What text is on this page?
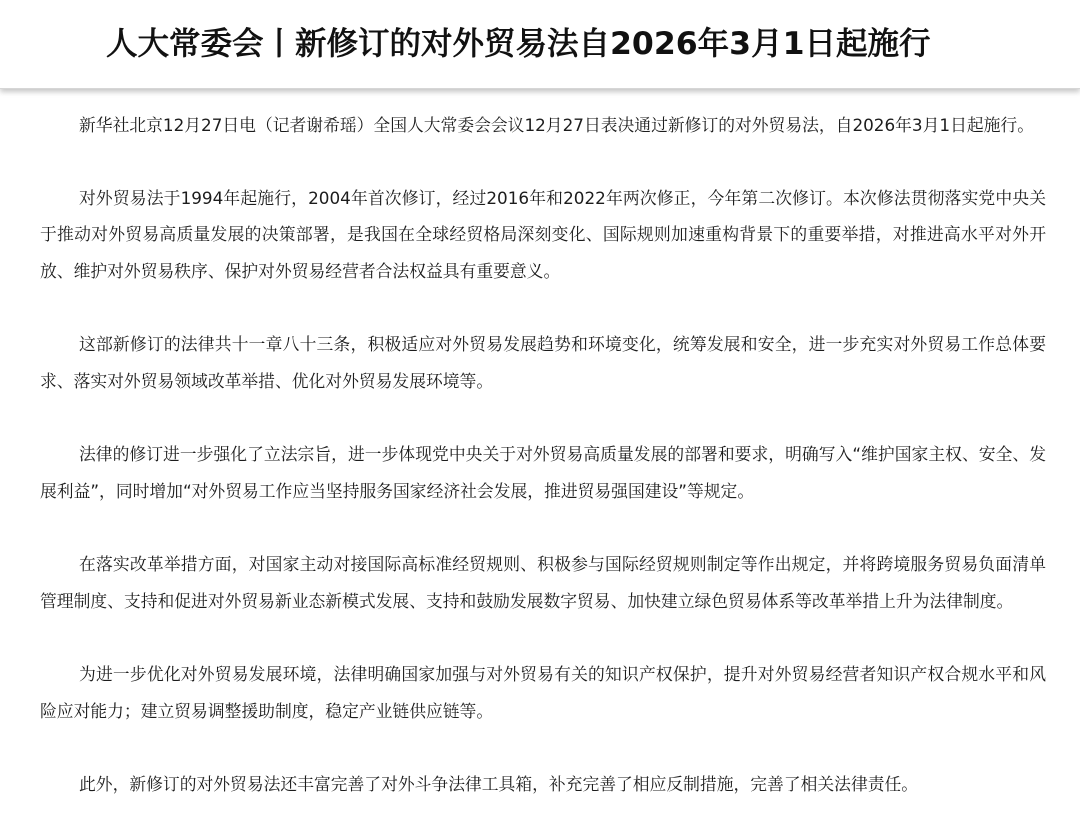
人大常委会丨新修订的对外贸易法自2026年3月1日起施行

新华社北京12月27日电（记者谢希瑶）全国人大常委会会议12月27日表决通过新修订的对外贸易法，自2026年3月1日起施行。

对外贸易法于1994年起施行，2004年首次修订，经过2016年和2022年两次修正，今年第二次修订。本次修法贯彻落实党中央关于推动对外贸易高质量发展的决策部署，是我国在全球经贸格局深刻变化、国际规则加速重构背景下的重要举措，对推进高水平对外开放、维护对外贸易秩序、保护对外贸易经营者合法权益具有重要意义。

这部新修订的法律共十一章八十三条，积极适应对外贸易发展趋势和环境变化，统筹发展和安全，进一步充实对外贸易工作总体要求、落实对外贸易领域改革举措、优化对外贸易发展环境等。

法律的修订进一步强化了立法宗旨，进一步体现党中央关于对外贸易高质量发展的部署和要求，明确写入“维护国家主权、安全、发展利益”，同时增加“对外贸易工作应当坚持服务国家经济社会发展，推进贸易强国建设”等规定。

在落实改革举措方面，对国家主动对接国际高标准经贸规则、积极参与国际经贸规则制定等作出规定，并将跨境服务贸易负面清单管理制度、支持和促进对外贸易新业态新模式发展、支持和鼓励发展数字贸易、加快建立绿色贸易体系等改革举措上升为法律制度。

为进一步优化对外贸易发展环境，法律明确国家加强与对外贸易有关的知识产权保护，提升对外贸易经营者知识产权合规水平和风险应对能力；建立贸易调整援助制度，稳定产业链供应链等。

此外，新修订的对外贸易法还丰富完善了对外斗争法律工具箱，补充完善了相应反制措施，完善了相关法律责任。
